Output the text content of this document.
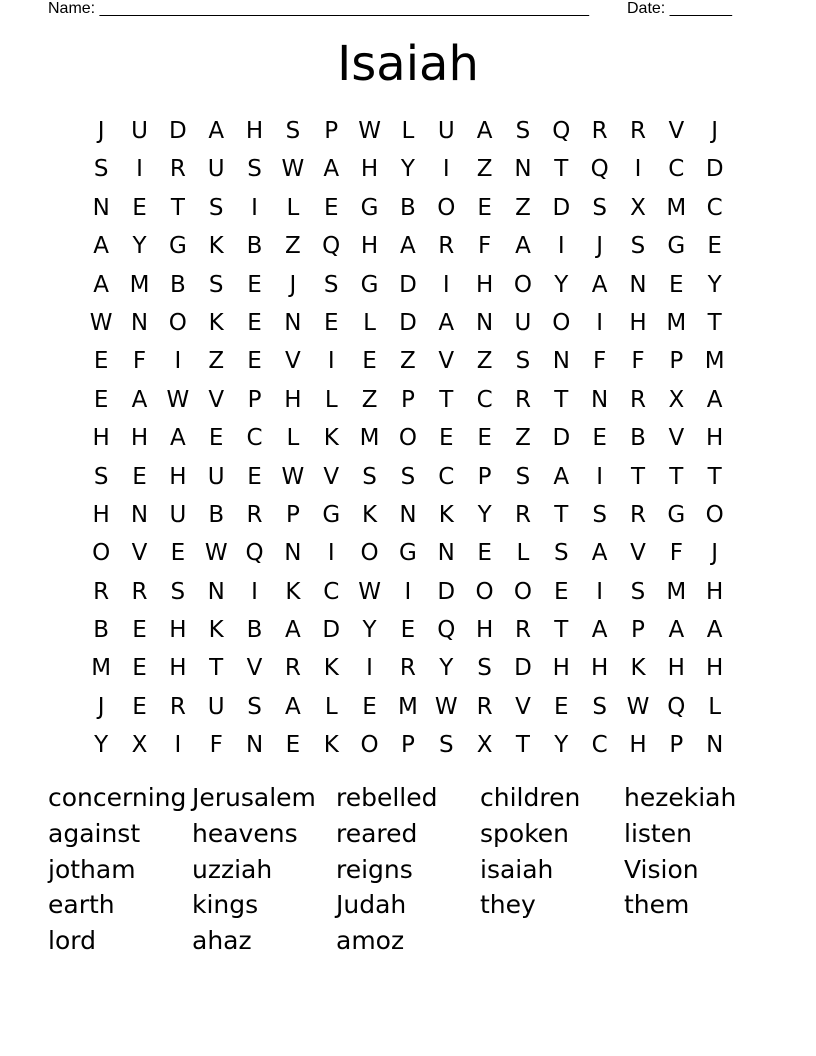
Name: _______________________________________________________ Date: _______
Isaiah
J	U D A H S	P W L	U A	S Q R R V	J
S	I	R U S W A H Y	I	Z N T Q	I	C D
N E	T	S	I	L	E G B O E	Z D S	X M C
A	Y G K B Z Q H A R	F	A	I	J	S G E
A M B	S	E	J	S G D	I	H O Y	A N E	Y
W N O K	E N E	L	D A N U O	I	H M T
E	F	I	Z	E	V	I	E	Z V Z	S N	F	F	P M
E	A W V	P H	L	Z	P	T	C R	T N R X A
H H A	E	C	L	K M O E	E	Z D E	B V H
S	E H U E W V	S	S	C	P	S	A	I	T	T	T
H N U B R	P G K N K	Y	R	T	S	R G O
O V	E W Q N	I	O G N E	L	S	A V	F	J
R R	S N	I	K C W	I	D O O E	I	S M H
B	E H K B A D Y	E Q H R	T	A	P	A A
M E H T	V R K	I	R	Y	S D H H K H H
J	E	R U S	A	L	E M W R V	E	S W Q L
Y	X	I	F	N E	K O P	S	X	T	Y	C H P N
concerning Jerusalem rebelled	children	hezekiah
against	heavens	reared	spoken	listen
jotham	uzziah	reigns	isaiah	Vision
earth	kings	Judah	they	them
lord	ahaz	amoz
